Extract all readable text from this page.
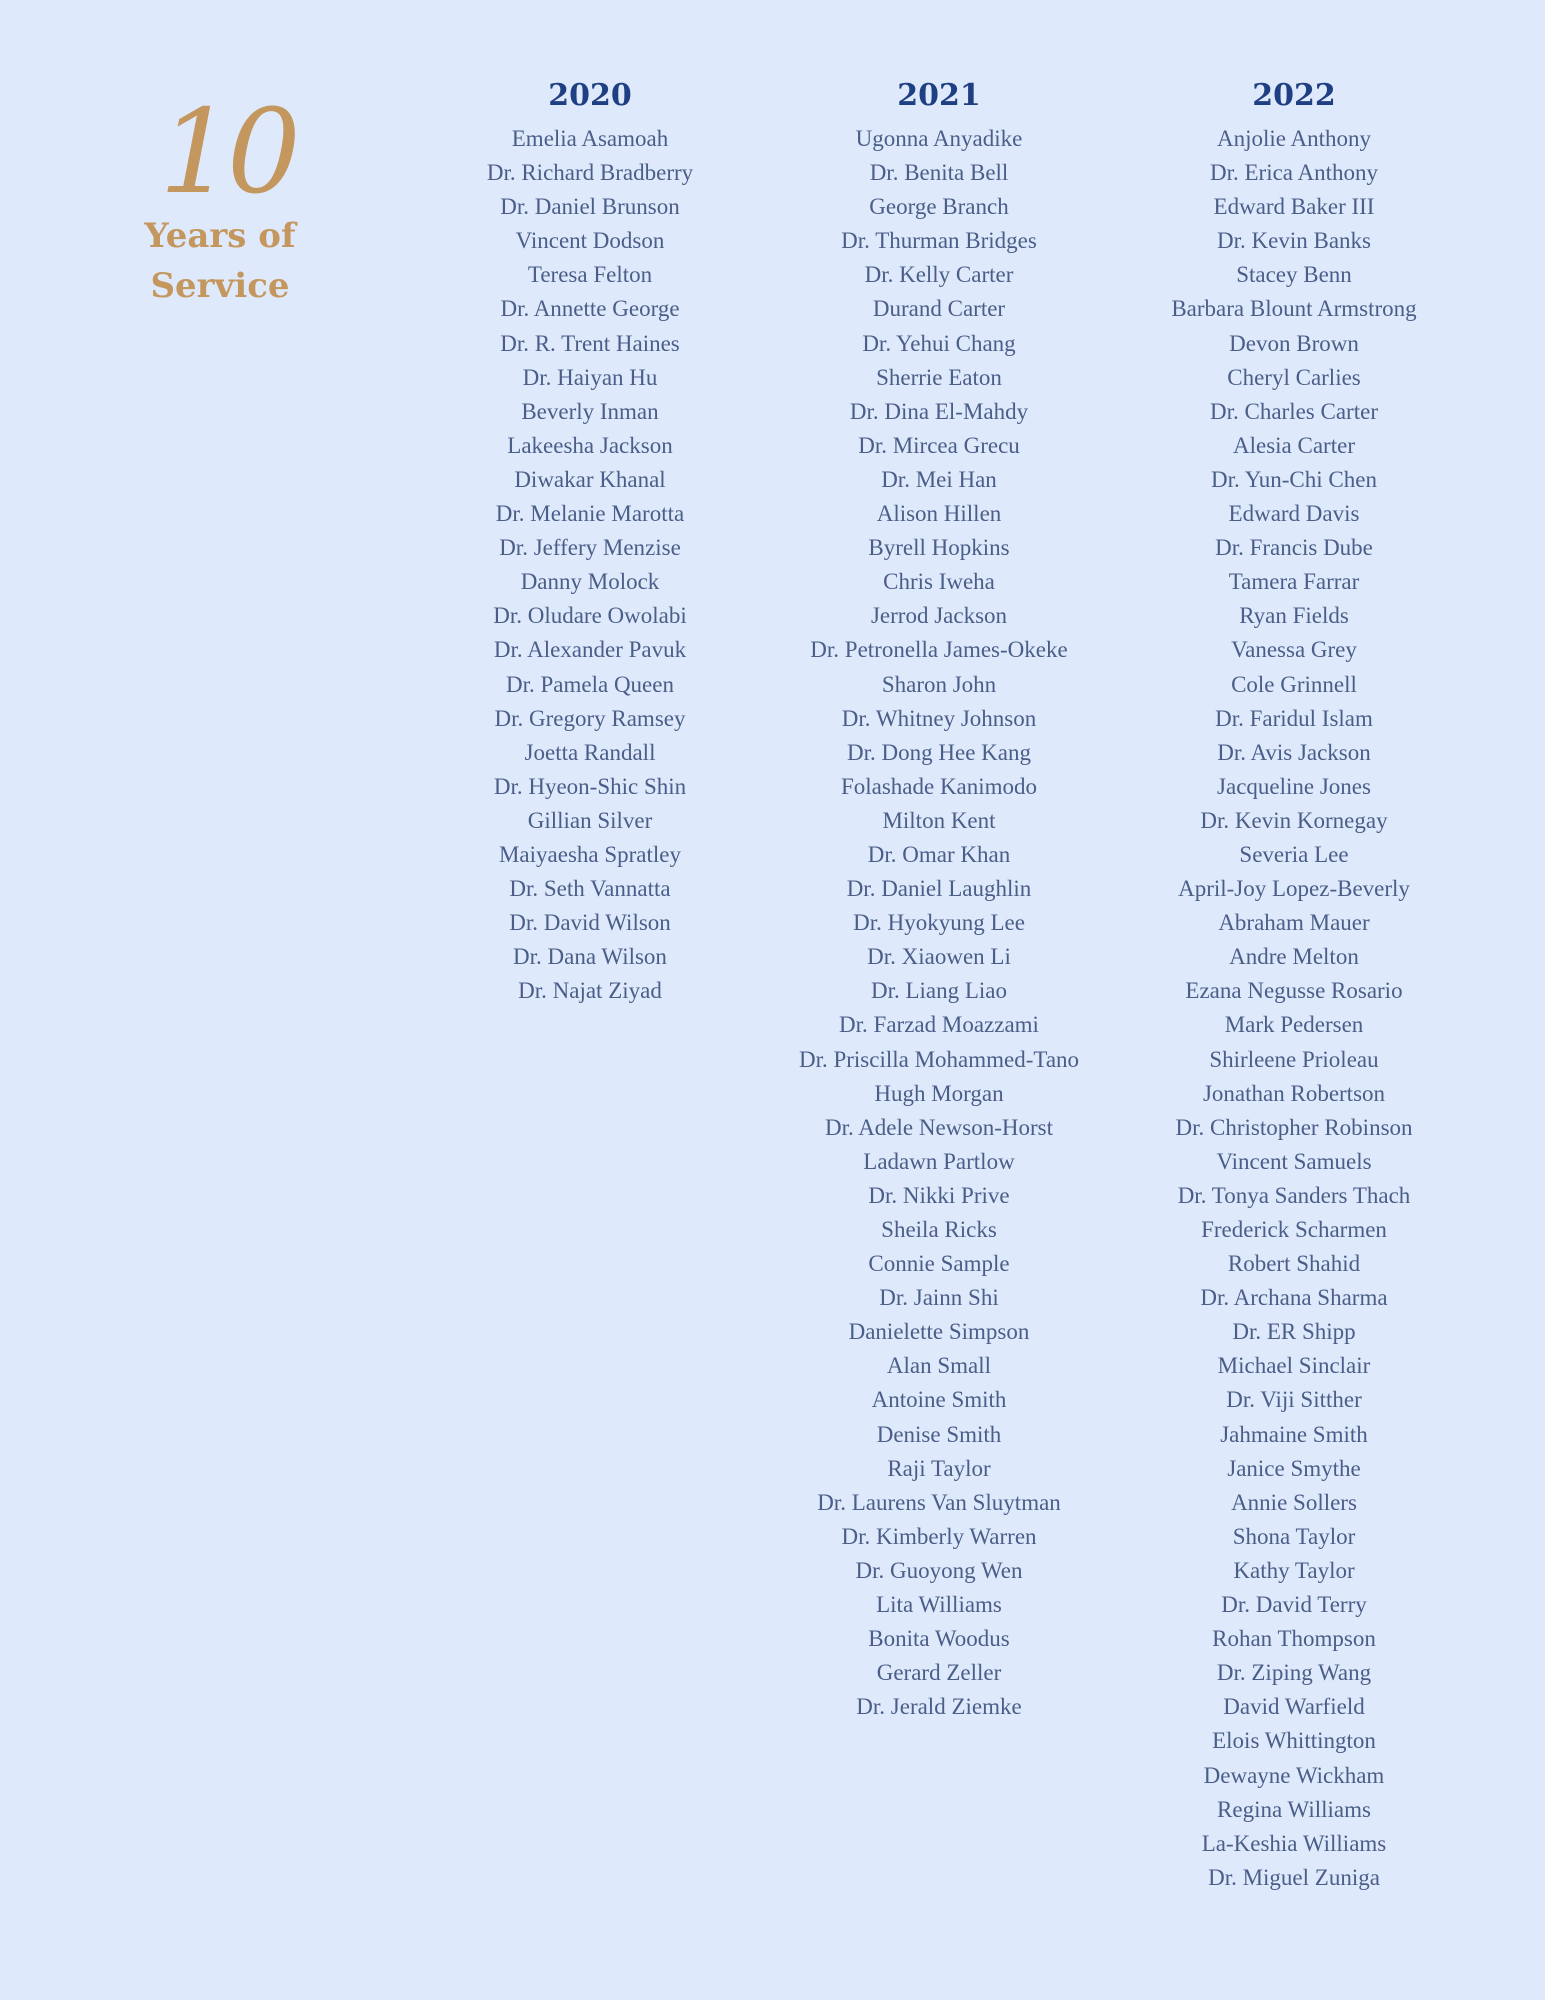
10
Years of
Service
2020
Emelia Asamoah
Dr. Richard Bradberry
Dr. Daniel Brunson
Vincent Dodson
Teresa Felton
Dr. Annette George
Dr. R. Trent Haines
Dr. Haiyan Hu
Beverly Inman
Lakeesha Jackson
Diwakar Khanal
Dr. Melanie Marotta
Dr. Jeffery Menzise
Danny Molock
Dr. Oludare Owolabi
Dr. Alexander Pavuk
Dr. Pamela Queen
Dr. Gregory Ramsey
Joetta Randall
Dr. Hyeon-Shic Shin
Gillian Silver
Maiyaesha Spratley
Dr. Seth Vannatta
Dr. David Wilson
Dr. Dana Wilson
Dr. Najat Ziyad
2021
Ugonna Anyadike
Dr. Benita Bell
George Branch
Dr. Thurman Bridges
Dr. Kelly Carter
Durand Carter
Dr. Yehui Chang
Sherrie Eaton
Dr. Dina El-Mahdy
Dr. Mircea Grecu
Dr. Mei Han
Alison Hillen
Byrell Hopkins
Chris Iweha
Jerrod Jackson
Dr. Petronella James-Okeke
Sharon John
Dr. Whitney Johnson
Dr. Dong Hee Kang
Folashade Kanimodo
Milton Kent
Dr. Omar Khan
Dr. Daniel Laughlin
Dr. Hyokyung Lee
Dr. Xiaowen Li
Dr. Liang Liao
Dr. Farzad Moazzami
Dr. Priscilla Mohammed-Tano
Hugh Morgan
Dr. Adele Newson-Horst
Ladawn Partlow
Dr. Nikki Prive
Sheila Ricks
Connie Sample
Dr. Jainn Shi
Danielette Simpson
Alan Small
Antoine Smith
Denise Smith
Raji Taylor
Dr. Laurens Van Sluytman
Dr. Kimberly Warren
Dr. Guoyong Wen
Lita Williams
Bonita Woodus
Gerard Zeller
Dr. Jerald Ziemke
2022
Anjolie Anthony
Dr. Erica Anthony
Edward Baker III
Dr. Kevin Banks
Stacey Benn
Barbara Blount Armstrong
Devon Brown
Cheryl Carlies
Dr. Charles Carter
Alesia Carter
Dr. Yun-Chi Chen
Edward Davis
Dr. Francis Dube
Tamera Farrar
Ryan Fields
Vanessa Grey
Cole Grinnell
Dr. Faridul Islam
Dr. Avis Jackson
Jacqueline Jones
Dr. Kevin Kornegay
Severia Lee
April-Joy Lopez-Beverly
Abraham Mauer
Andre Melton
Ezana Negusse Rosario
Mark Pedersen
Shirleene Prioleau
Jonathan Robertson
Dr. Christopher Robinson
Vincent Samuels
Dr. Tonya Sanders Thach
Frederick Scharmen
Robert Shahid
Dr. Archana Sharma
Dr. ER Shipp
Michael Sinclair
Dr. Viji Sitther
Jahmaine Smith
Janice Smythe
Annie Sollers
Shona Taylor
Kathy Taylor
Dr. David Terry
Rohan Thompson
Dr. Ziping Wang
David Warfield
Elois Whittington
Dewayne Wickham
Regina Williams
La-Keshia Williams
Dr. Miguel Zuniga
